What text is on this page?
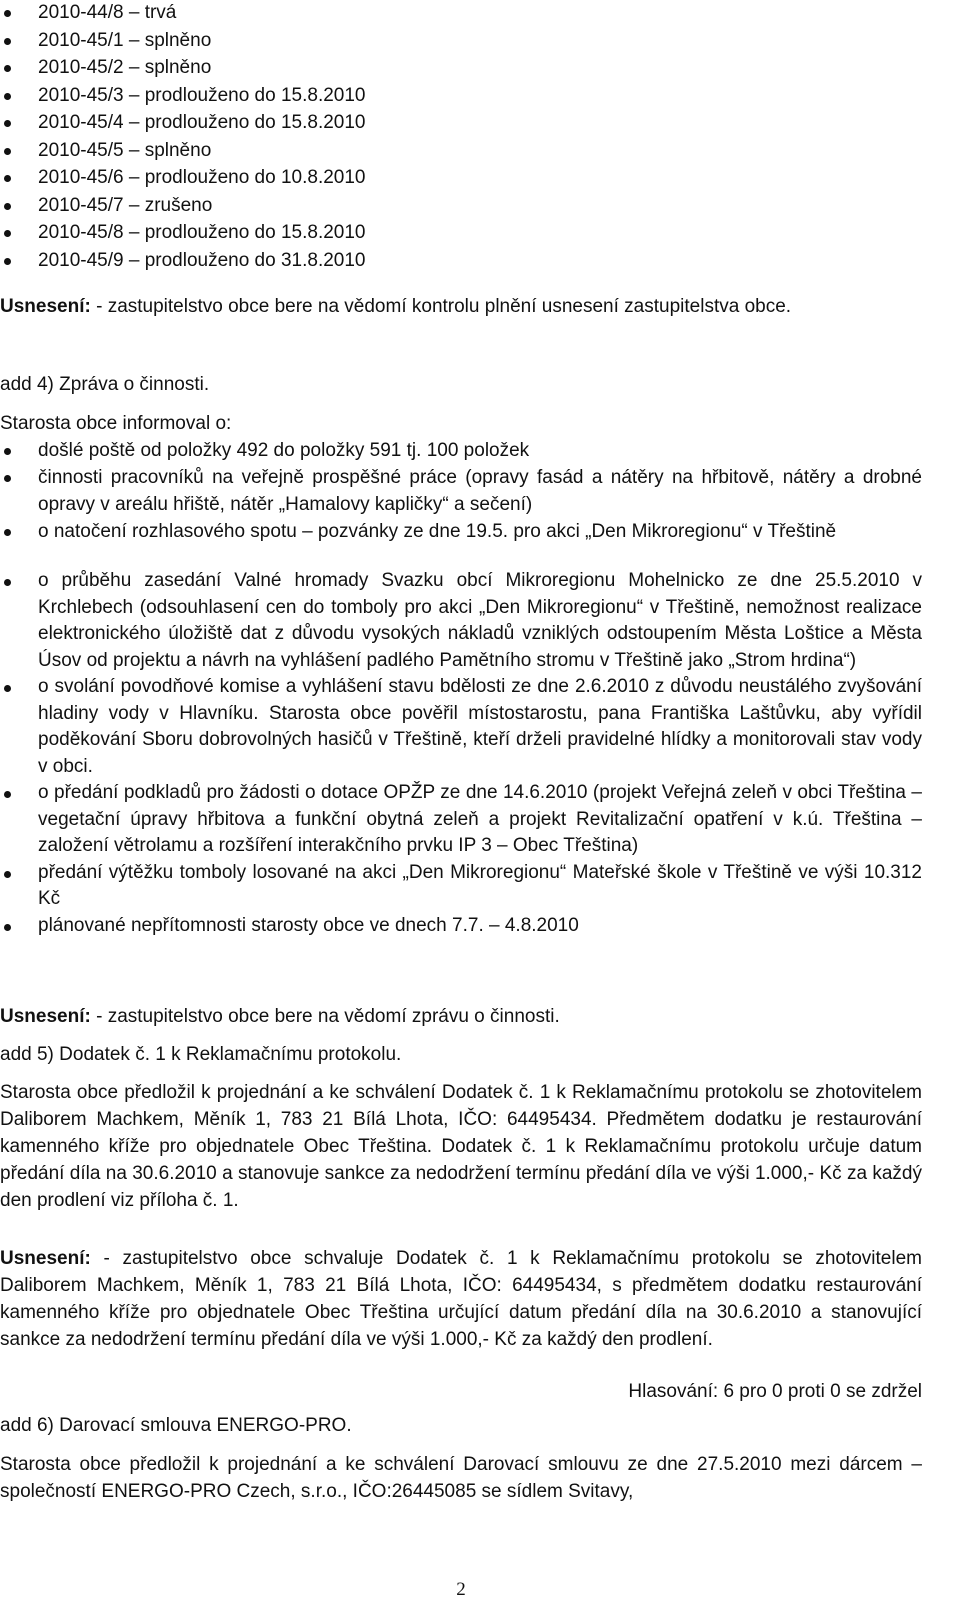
2010-44/8 – trvá
2010-45/1 – splněno
2010-45/2 – splněno
2010-45/3 – prodlouženo do 15.8.2010
2010-45/4 – prodlouženo do 15.8.2010
2010-45/5 – splněno
2010-45/6 – prodlouženo do 10.8.2010
2010-45/7 – zrušeno
2010-45/8 – prodlouženo do 15.8.2010
2010-45/9 – prodlouženo do 31.8.2010

Usnesení: - zastupitelstvo obce bere na vědomí kontrolu plnění usnesení zastupitelstva obce.

add 4) Zpráva o činnosti.

Starosta obce informoval o:

došlé poště od položky 492 do položky 591 tj. 100 položek
činnosti pracovníků na veřejně prospěšné práce (opravy fasád a nátěry na hřbitově, nátěry a drobné opravy v areálu hřiště, nátěr „Hamalovy kapličky“ a sečení)
o natočení rozhlasového spotu – pozvánky ze dne 19.5. pro akci „Den Mikroregionu“ v Třeštině
o průběhu zasedání Valné hromady Svazku obcí Mikroregionu Mohelnicko ze dne 25.5.2010 v Krchlebech (odsouhlasení cen do tomboly pro akci „Den Mikroregionu“ v Třeštině, nemožnost realizace elektronického úložiště dat z důvodu vysokých nákladů vzniklých odstoupením Města Loštice a Města Úsov od projektu a návrh na vyhlášení padlého Pamětního stromu v Třeštině jako „Strom hrdina“)
o svolání povodňové komise a vyhlášení stavu bdělosti ze dne 2.6.2010 z důvodu neustálého zvyšování hladiny vody v Hlavníku. Starosta obce pověřil místostarostu, pana Františka Laštůvku, aby vyřídil poděkování Sboru dobrovolných hasičů v Třeštině, kteří drželi pravidelné hlídky a monitorovali stav vody v obci.
o předání podkladů pro žádosti o dotace OPŽP ze dne 14.6.2010 (projekt Veřejná zeleň v obci Třeština – vegetační úpravy hřbitova a funkční obytná zeleň a projekt Revitalizační opatření v k.ú. Třeština – založení větrolamu a rozšíření interakčního prvku IP 3 – Obec Třeština)
předání výtěžku tomboly losované na akci „Den Mikroregionu“ Mateřské škole v Třeštině ve výši 10.312 Kč
plánované nepřítomnosti starosty obce ve dnech 7.7. – 4.8.2010

Usnesení: - zastupitelstvo obce bere na vědomí zprávu o činnosti.

add 5) Dodatek č. 1 k Reklamačnímu protokolu.

Starosta obce předložil k projednání a ke schválení Dodatek č. 1 k Reklamačnímu protokolu se zhotovitelem Daliborem Machkem, Měník 1, 783 21 Bílá Lhota, IČO: 64495434. Předmětem dodatku je restaurování kamenného kříže pro objednatele Obec Třeština. Dodatek č. 1 k Reklamačnímu protokolu určuje datum předání díla na 30.6.2010 a stanovuje sankce za nedodržení termínu předání díla ve výši 1.000,- Kč za každý den prodlení viz příloha č. 1.

Usnesení: - zastupitelstvo obce schvaluje Dodatek č. 1 k Reklamačnímu protokolu se zhotovitelem Daliborem Machkem, Měník 1, 783 21 Bílá Lhota, IČO: 64495434, s předmětem dodatku restaurování kamenného kříže pro objednatele Obec Třeština určující datum předání díla na 30.6.2010 a stanovující sankce za nedodržení termínu předání díla ve výši 1.000,- Kč za každý den prodlení.

Hlasování: 6 pro 0 proti 0 se zdržel

add 6) Darovací smlouva ENERGO-PRO.

Starosta obce předložil k projednání a ke schválení Darovací smlouvu ze dne 27.5.2010 mezi dárcem – společností ENERGO-PRO Czech, s.r.o., IČO:26445085 se sídlem Svitavy,

2
